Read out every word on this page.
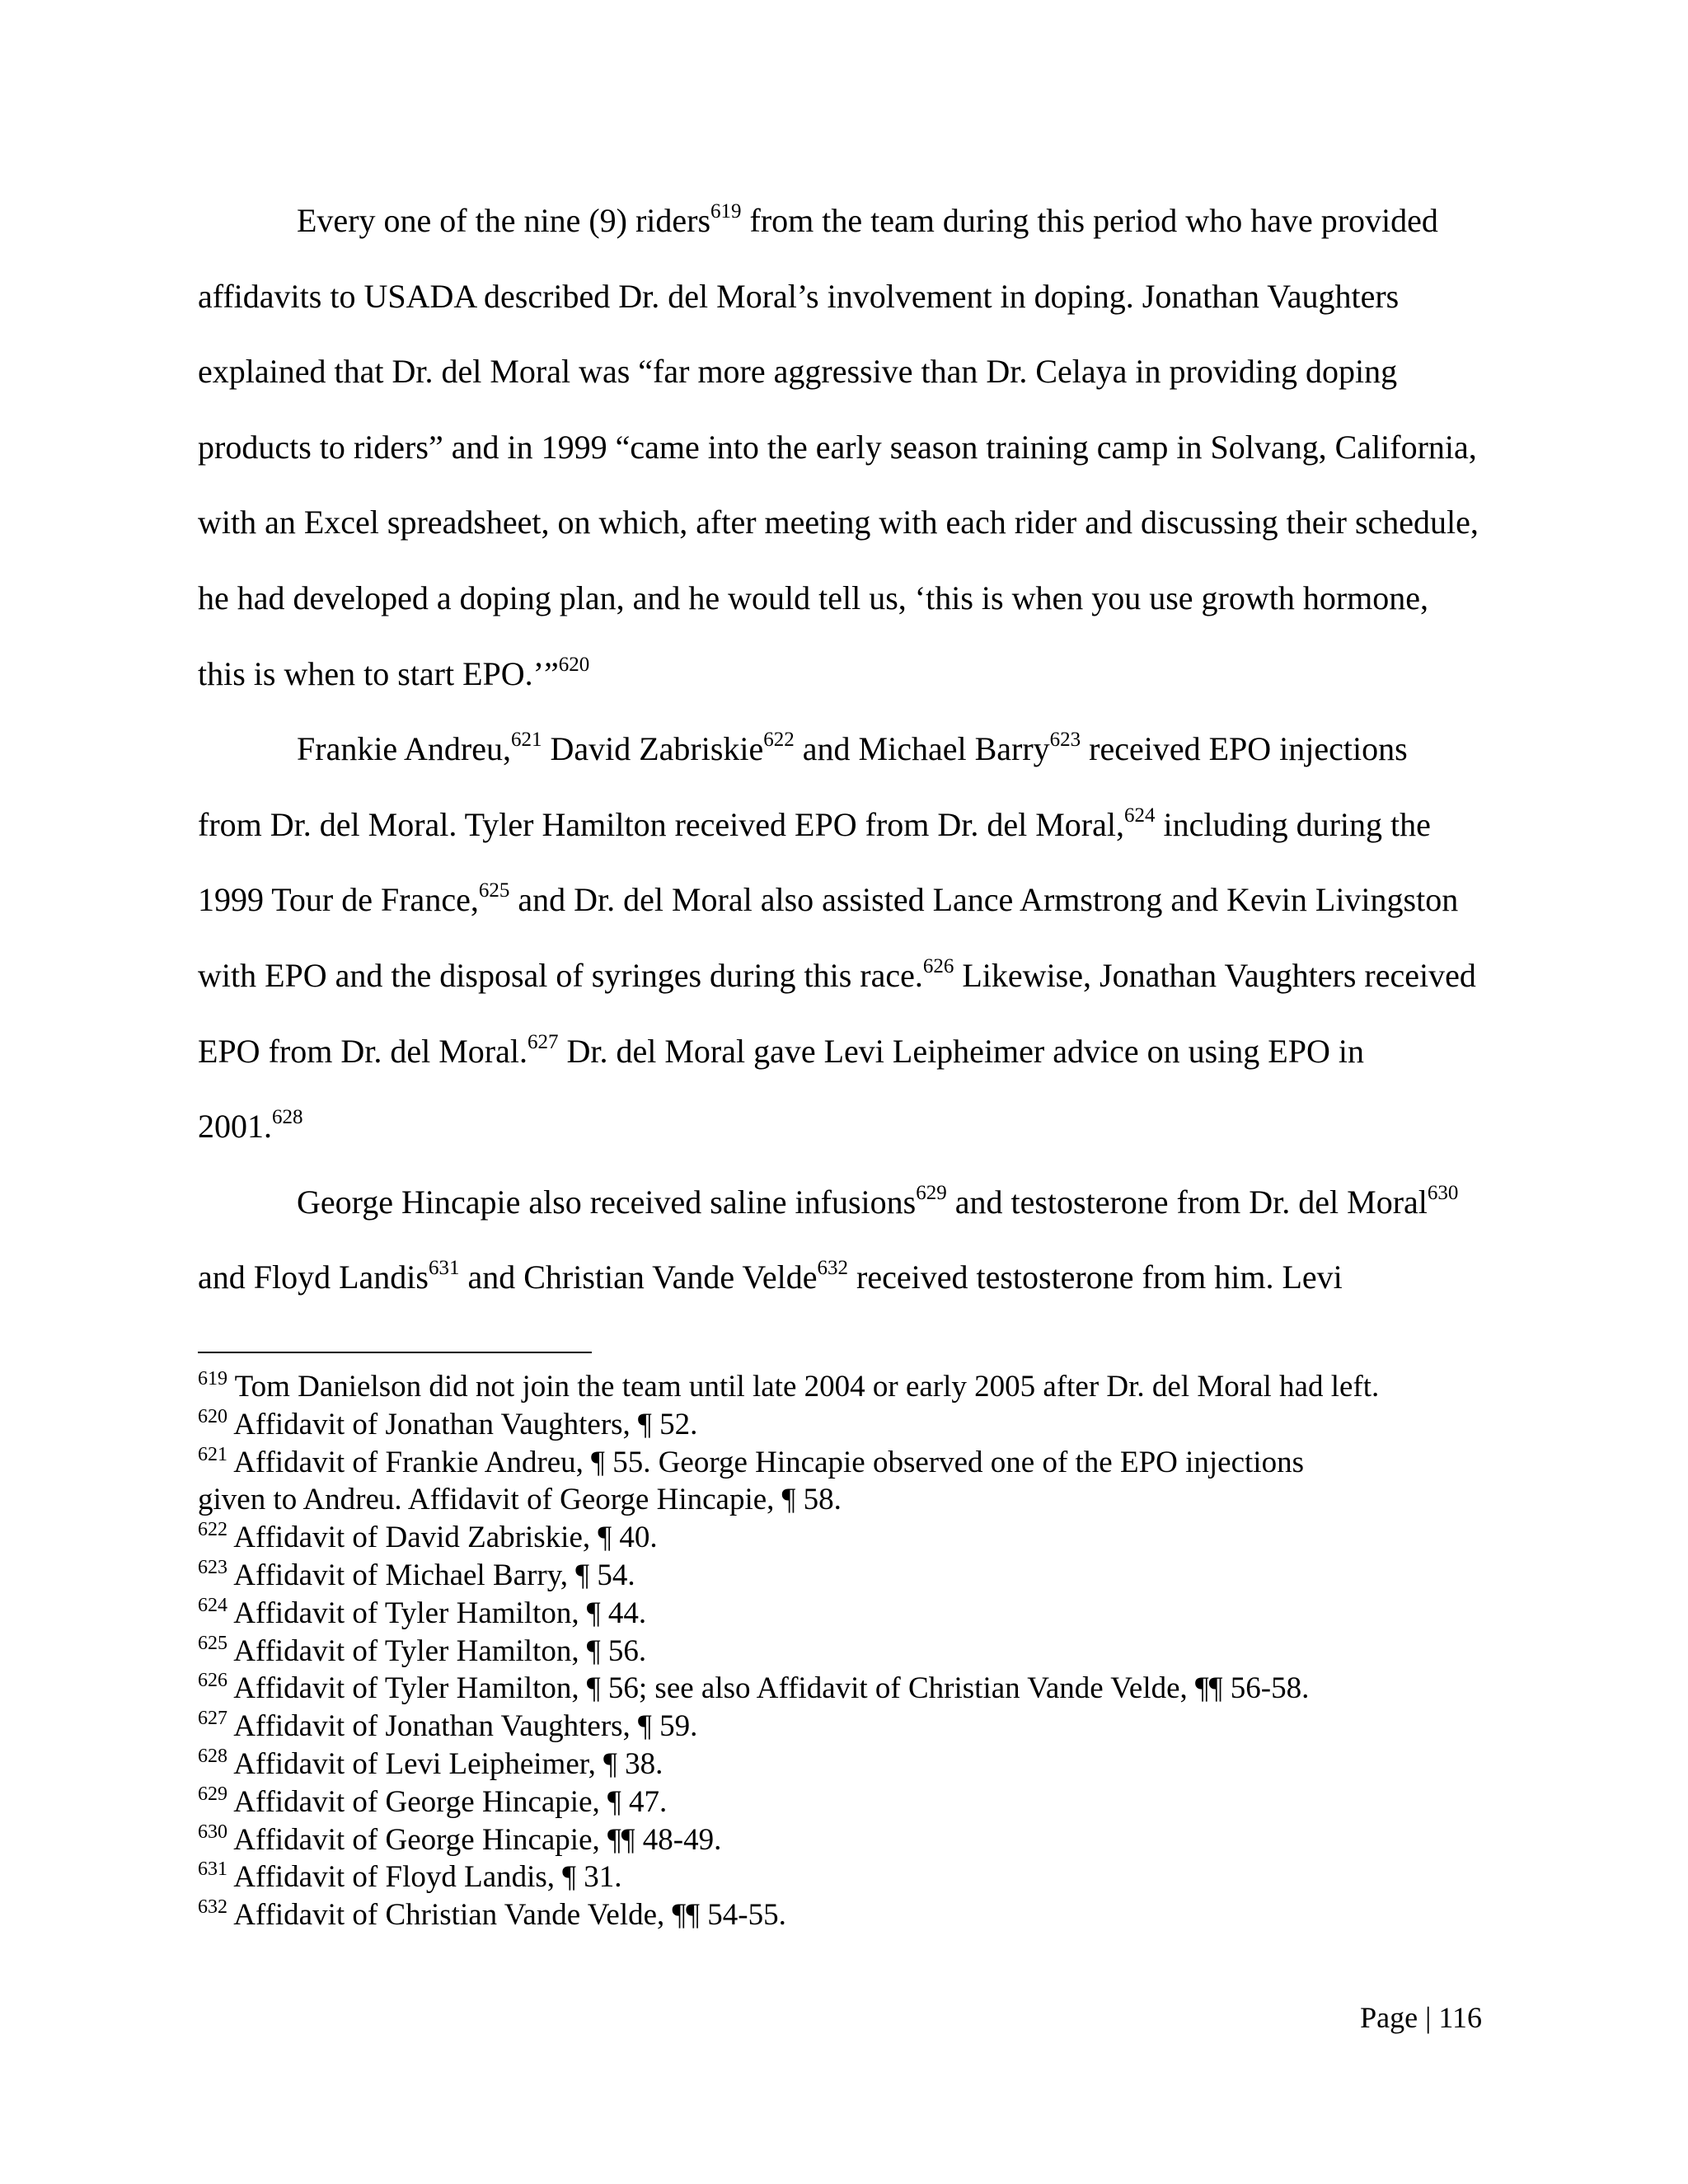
Every one of the nine (9) riders$^{619}$ from the team during this period who have provided
affidavits to USADA described Dr. del Moral’s involvement in doping. Jonathan Vaughters
explained that Dr. del Moral was “far more aggressive than Dr. Celaya in providing doping
products to riders” and in 1999 “came into the early season training camp in Solvang, California,
with an Excel spreadsheet, on which, after meeting with each rider and discussing their schedule,
he had developed a doping plan, and he would tell us, ‘this is when you use growth hormone,
this is when to start EPO.’”$^{620}$

Frankie Andreu,$^{621}$ David Zabriskie$^{622}$ and Michael Barry$^{623}$ received EPO injections
from Dr. del Moral. Tyler Hamilton received EPO from Dr. del Moral,$^{624}$ including during the
1999 Tour de France,$^{625}$ and Dr. del Moral also assisted Lance Armstrong and Kevin Livingston
with EPO and the disposal of syringes during this race.$^{626}$ Likewise, Jonathan Vaughters received
EPO from Dr. del Moral.$^{627}$ Dr. del Moral gave Levi Leipheimer advice on using EPO in
2001.$^{628}$

George Hincapie also received saline infusions$^{629}$ and testosterone from Dr. del Moral$^{630}$
and Floyd Landis$^{631}$ and Christian Vande Velde$^{632}$ received testosterone from him. Levi

$^{619}$ Tom Danielson did not join the team until late 2004 or early 2005 after Dr. del Moral had left.
$^{620}$ Affidavit of Jonathan Vaughters, ¶ 52.
$^{621}$ Affidavit of Frankie Andreu, ¶ 55. George Hincapie observed one of the EPO injections
given to Andreu. Affidavit of George Hincapie, ¶ 58.
$^{622}$ Affidavit of David Zabriskie, ¶ 40.
$^{623}$ Affidavit of Michael Barry, ¶ 54.
$^{624}$ Affidavit of Tyler Hamilton, ¶ 44.
$^{625}$ Affidavit of Tyler Hamilton, ¶ 56.
$^{626}$ Affidavit of Tyler Hamilton, ¶ 56; see also Affidavit of Christian Vande Velde, ¶¶ 56-58.
$^{627}$ Affidavit of Jonathan Vaughters, ¶ 59.
$^{628}$ Affidavit of Levi Leipheimer, ¶ 38.
$^{629}$ Affidavit of George Hincapie, ¶ 47.
$^{630}$ Affidavit of George Hincapie, ¶¶ 48-49.
$^{631}$ Affidavit of Floyd Landis, ¶ 31.
$^{632}$ Affidavit of Christian Vande Velde, ¶¶ 54-55.
Page | 116
